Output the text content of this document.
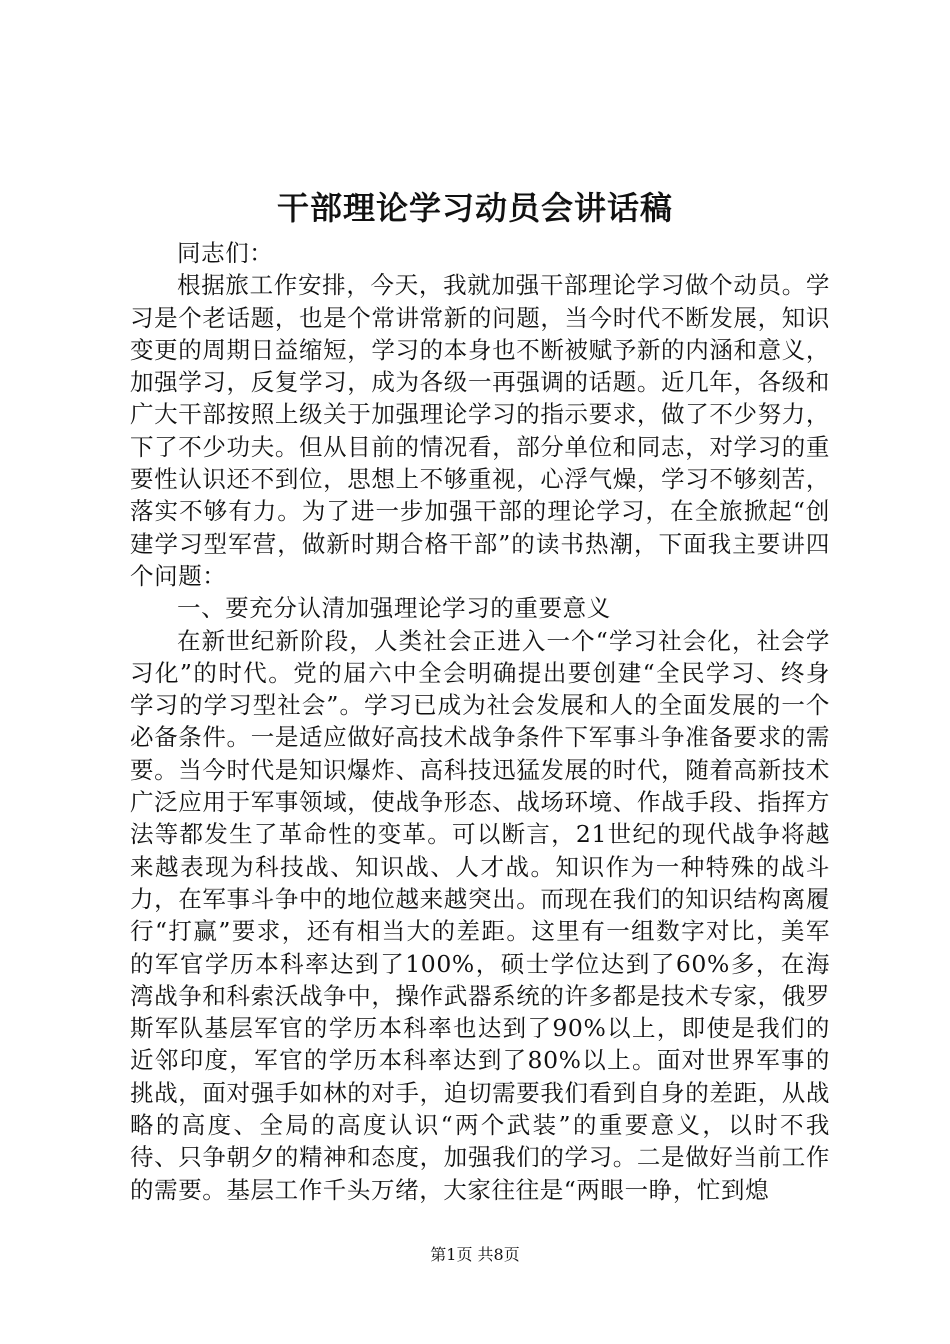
干部理论学习动员会讲话稿

同志们：

根据旅工作安排，今天，我就加强干部理论学习做个动员。学习是个老话题，也是个常讲常新的问题，当今时代不断发展，知识变更的周期日益缩短，学习的本身也不断被赋予新的内涵和意义，加强学习，反复学习，成为各级一再强调的话题。近几年，各级和广大干部按照上级关于加强理论学习的指示要求，做了不少努力，下了不少功夫。但从目前的情况看，部分单位和同志，对学习的重要性认识还不到位，思想上不够重视，心浮气燥，学习不够刻苦，落实不够有力。为了进一步加强干部的理论学习，在全旅掀起“创建学习型军营，做新时期合格干部”的读书热潮，下面我主要讲四个问题：

一、要充分认清加强理论学习的重要意义

在新世纪新阶段，人类社会正进入一个“学习社会化，社会学习化”的时代。党的届六中全会明确提出要创建“全民学习、终身学习的学习型社会”。学习已成为社会发展和人的全面发展的一个必备条件。一是适应做好高技术战争条件下军事斗争准备要求的需要。当今时代是知识爆炸、高科技迅猛发展的时代，随着高新技术广泛应用于军事领域，使战争形态、战场环境、作战手段、指挥方法等都发生了革命性的变革。可以断言，21世纪的现代战争将越来越表现为科技战、知识战、人才战。知识作为一种特殊的战斗力，在军事斗争中的地位越来越突出。而现在我们的知识结构离履行“打赢”要求，还有相当大的差距。这里有一组数字对比，美军的军官学历本科率达到了100%，硕士学位达到了60%多，在海湾战争和科索沃战争中，操作武器系统的许多都是技术专家，俄罗斯军队基层军官的学历本科率也达到了90%以上，即使是我们的近邻印度，军官的学历本科率达到了80%以上。面对世界军事的挑战，面对强手如林的对手，迫切需要我们看到自身的差距，从战略的高度、全局的高度认识“两个武装”的重要意义，以时不我待、只争朝夕的精神和态度，加强我们的学习。二是做好当前工作的需要。基层工作千头万绪，大家往往是“两眼一睁，忙到熄

第1页 共8页
